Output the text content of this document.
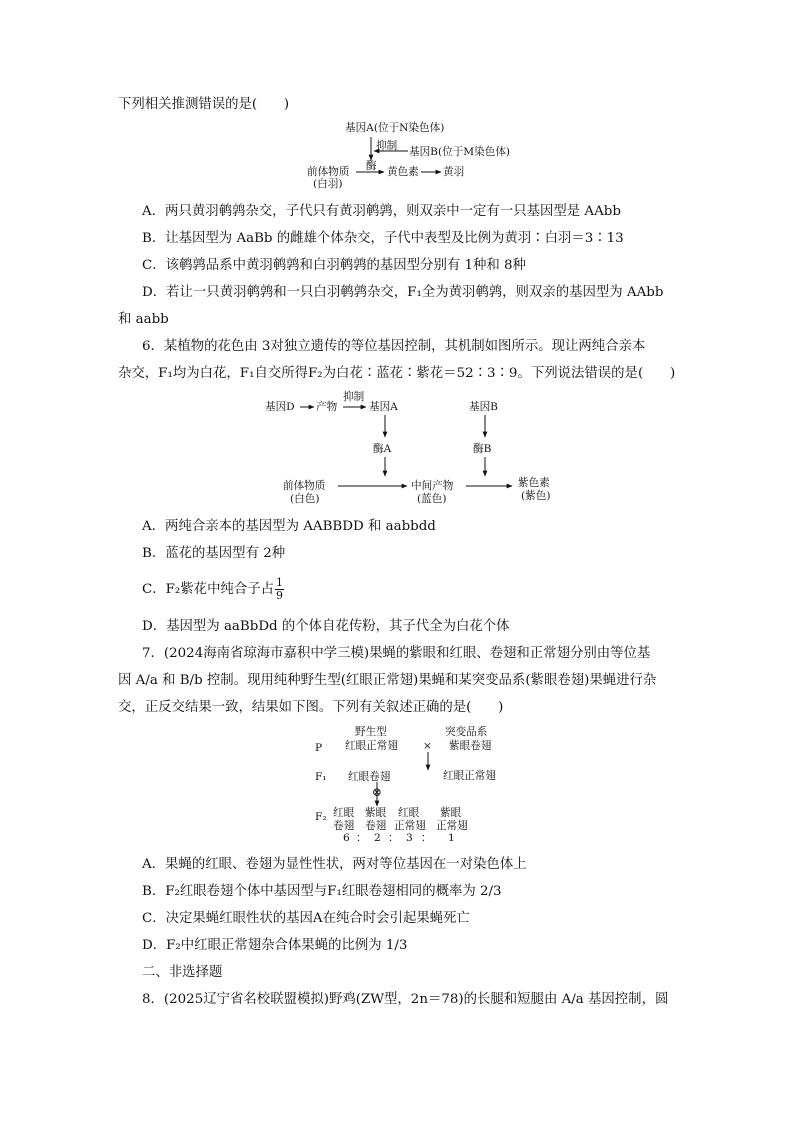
下列相关推测错误的是(　　)
基因A(位于N染色体)
抑制 基因B(位于M染色体)
前体物质
(白羽)
酶 黄色素 黄羽
A．两只黄羽鹌鹑杂交，子代只有黄羽鹌鹑，则双亲中一定有一只基因型是 AAbb
B．让基因型为 AaBb 的雌雄个体杂交，子代中表型及比例为黄羽∶白羽＝3∶13
C．该鹌鹑品系中黄羽鹌鹑和白羽鹌鹑的基因型分别有 1种和 8种
D．若让一只黄羽鹌鹑和一只白羽鹌鹑杂交，F₁全为黄羽鹌鹑，则双亲的基因型为 AAbb
和 aabb
6．某植物的花色由 3对独立遗传的等位基因控制，其机制如图所示。现让两纯合亲本
杂交，F₁均为白花，F₁自交所得F₂为白花∶蓝花∶紫花＝52∶3∶9。下列说法错误的是(　　)
基因D 产物
抑制
基因A	基因B
酶A	酶B
前体物质
(白色)
中间产物
(蓝色)
紫色素
(紫色)
A．两纯合亲本的基因型为 AABBDD 和 aabbdd
B．蓝花的基因型有 2种
C．F₂紫花中纯合子占 $\frac{1}{9}$
D．基因型为 aaBbDd 的个体自花传粉，其子代全为白花个体
7．(2024海南省琼海市嘉积中学三模)果蝇的紫眼和红眼、卷翅和正常翅分别由等位基
因 A/a 和 B/b 控制。现用纯种野生型(红眼正常翅)果蝇和某突变品系(紫眼卷翅)果蝇进行杂
交，正反交结果一致，结果如下图。下列有关叙述正确的是(　　)
野生型	突变品系
P 红眼正常翅 × 紫眼卷翅
F₁ 红眼卷翅	红眼正常翅
⊗
F₂ 红眼
卷翅
紫眼
卷翅
红眼
正常翅
紫眼
正常翅
6 ： 2 ： 3 ： 1
A．果蝇的红眼、卷翅为显性性状，两对等位基因在一对染色体上
B．F₂红眼卷翅个体中基因型与F₁红眼卷翅相同的概率为 2/3
C．决定果蝇红眼性状的基因A在纯合时会引起果蝇死亡
D．F₂中红眼正常翅杂合体果蝇的比例为 1/3
二、非选择题
8．(2025辽宁省名校联盟模拟)野鸡(ZW型，2n＝78)的长腿和短腿由 A/a 基因控制，圆
